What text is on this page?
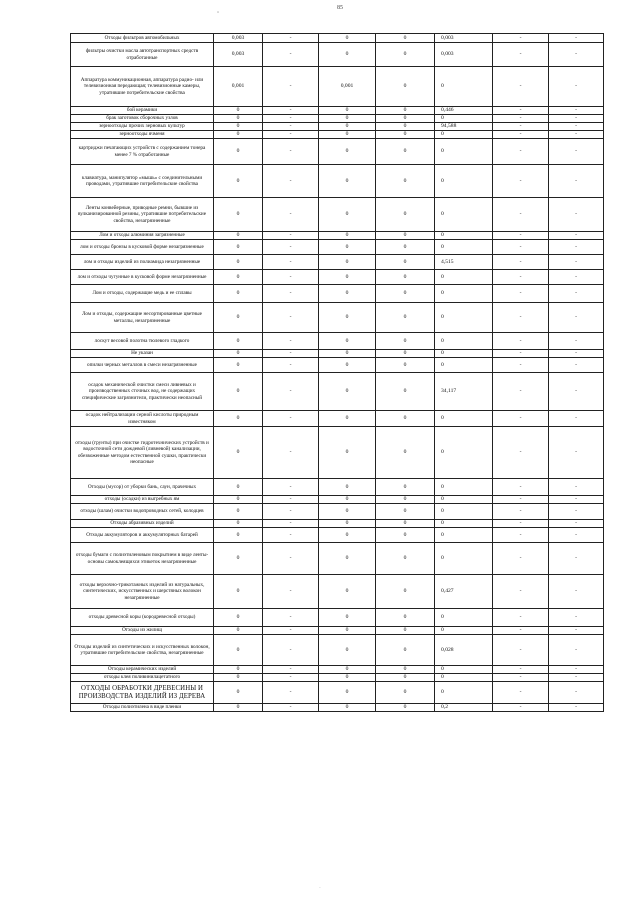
85
ˇ
Отходы фильтров автомобильных	0,003	-	0	0	0,003	-	-
фильтры очистки масла автотранспортных средств отработанные	0,003	-	0	0	0,003	-	-
Аппаратура коммуникационная, аппаратура радио- или телевизионная передающая; телевизионные камеры, утратившие потребительские свойства	0,001	-	0,001	0	0	-	-
бой керамики	0	-	0	0	0,446	-	-
брак заготовок сборочных узлов	0	-	0	0	0	-	-
зерноотходы прочих зерновых культур	0	-	0	0	94,588	-	-
зерноотходы ячменя	0	-	0	0	0	-	-
картриджи печатающих устройств с содержанием тонера менее 7 % отработанные	0	-	0	0	0	-	-
клавиатура, манипулятор «мышь» с соединительными проводами, утратившие потребительские свойства	0	-	0	0	0	-	-
Ленты конвейерные, приводные ремни, бывшие из вулканизированной резины, утратившие потребительские свойства, незагрязненные	0	-	0	0	0	-	-
Лом и отходы алюминия загрязненные	0	-	0	0	0	-	-
лом и отходы бронзы в кусковой форме незагрязненные	0	-	0	0	0	-	-
лом и отходы изделий из полиамида незагрязненные	0	-	0	0	4,515	-	-
лом и отходы чугунные в кусковой форме незагрязненные	0	-	0	0	0	-	-
Лом и отходы, содержащие медь и ее сплавы	0	-	0	0	0	-	-
Лом и отходы, содержащие несортированные цветные металлы, незагрязненные	0	-	0	0	0	-	-
лоскут весовой полотна тюлевого гладкого	0	-	0	0	0	-	-
Не указан	0	-	0	0	0	-	-
опилки черных металлов в смеси незагрязненные	0	-	0	0	0	-	-
осадок механической очистки смеси ливневых и производственных сточных вод, не содержащих специфические загрязнители, практически неопасный	0	-	0	0	34,117	-	-
осадок нейтрализации серной кислоты природным известняком	0	-	0	0	0	-	-
отходы (грунты) при очистке гидротехнических устройств и водосточной сети дождевой (ливневой) канализации, обезвоженные методом естественной сушки, практически неопасные	0	-	0	0	0	-	-
Отходы (мусор) от уборки бань, саун, прачечных	0	-	0	0	0	-	-
отходы (осадки) из выгребных ям	0	-	0	0	0	-	-
отходы (шлам) очистки водопроводных сетей, колодцев	0	-	0	0	0	-	-
Отходы абразивных изделий	0	-	0	0	0	-	-
Отходы аккумуляторов и аккумуляторных батарей	0	-	0	0	0	-	-
отходы бумаги с полиэтиленовым покрытием в виде ленты-основы самоклеящихся этикеток незагрязненные	0	-	0	0	0	-	-
отходы верхочно-трикотажных изделий из натуральных, синтетических, искусственных и шерстяных волокон незагрязненные	0	-	0	0	0,427	-	-
отходы древесной коры (кородревесной отходы)	0	-	0	0	0	-	-
Отходы из жилищ	0	-	0	0	0	-	-
Отходы изделий из синтетических и искусственных волокон, утратившие потребительские свойства, незагрязненные	0	-	0	0	0,028	-	-
Отходы керамических изделий	0	-	0	0	0	-	-
отходы клея поливинилацетатного	0	-	0	0	0	-	-
ОТХОДЫ ОБРАБОТКИ ДРЕВЕСИНЫ И ПРОИЗВОДСТВА ИЗДЕЛИЙ ИЗ ДЕРЕВА	0	-	0	0	0	-	-
Отходы полиэтилена в виде пленки	0	-	0	0	0,2	-	-
·
